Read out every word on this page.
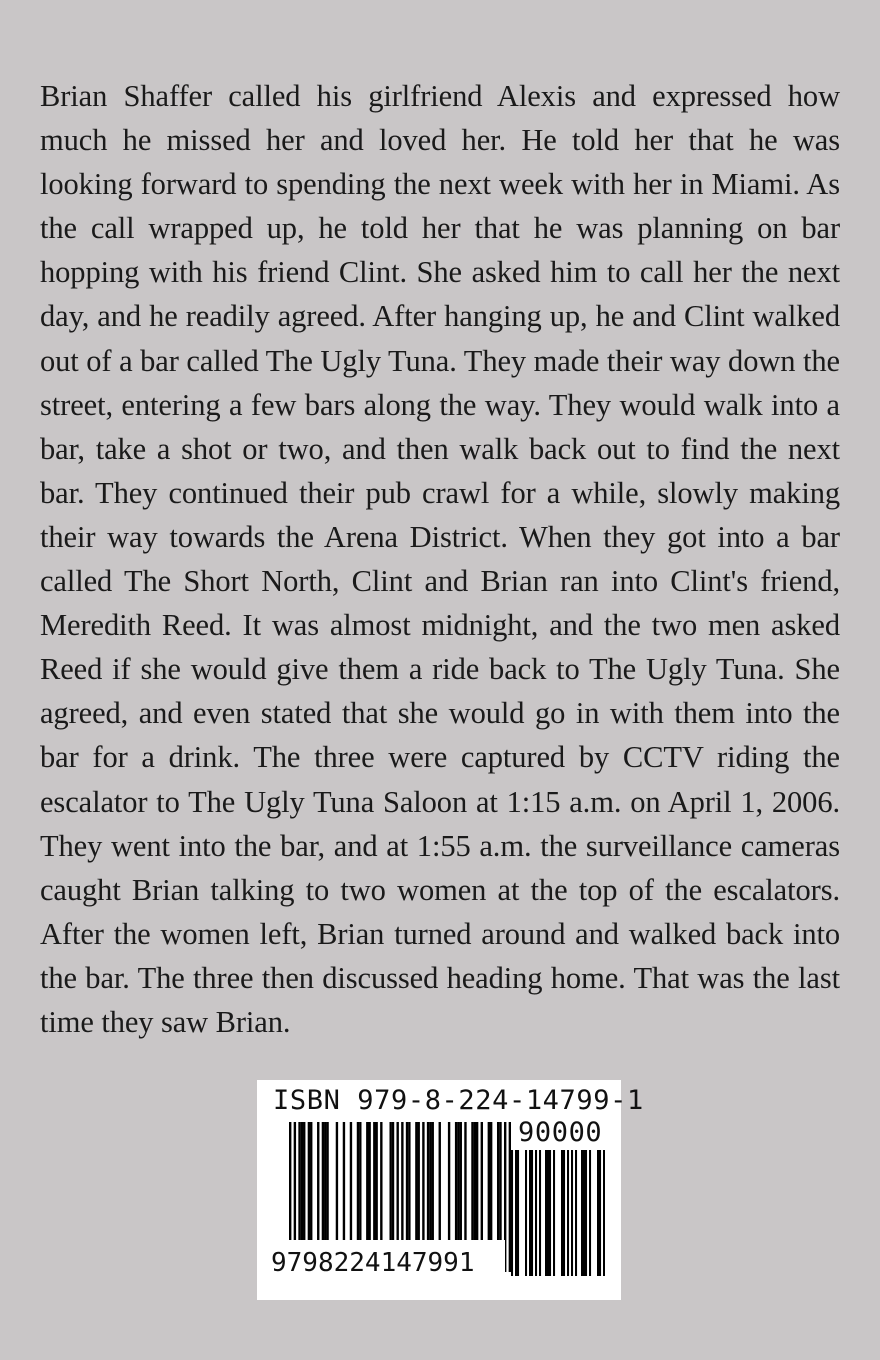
Brian Shaffer called his girlfriend Alexis and expressed how much he missed her and loved her. He told her that he was looking forward to spending the next week with her in Miami. As the call wrapped up, he told her that he was planning on bar hopping with his friend Clint. She asked him to call her the next day, and he readily agreed. After hanging up, he and Clint walked out of a bar called The Ugly Tuna. They made their way down the street, entering a few bars along the way. They would walk into a bar, take a shot or two, and then walk back out to find the next bar. They continued their pub crawl for a while, slowly making their way towards the Arena District. When they got into a bar called The Short North, Clint and Brian ran into Clint's friend, Meredith Reed. It was almost midnight, and the two men asked Reed if she would give them a ride back to The Ugly Tuna. She agreed, and even stated that she would go in with them into the bar for a drink. The three were captured by CCTV riding the escalator to The Ugly Tuna Saloon at 1:15 a.m. on April 1, 2006. They went into the bar, and at 1:55 a.m. the surveillance cameras caught Brian talking to two women at the top of the escalators. After the women left, Brian turned around and walked back into the bar. The three then discussed heading home. That was the last time they saw Brian.

ISBN 979-8-224-14799-1
90000
9798224147991
